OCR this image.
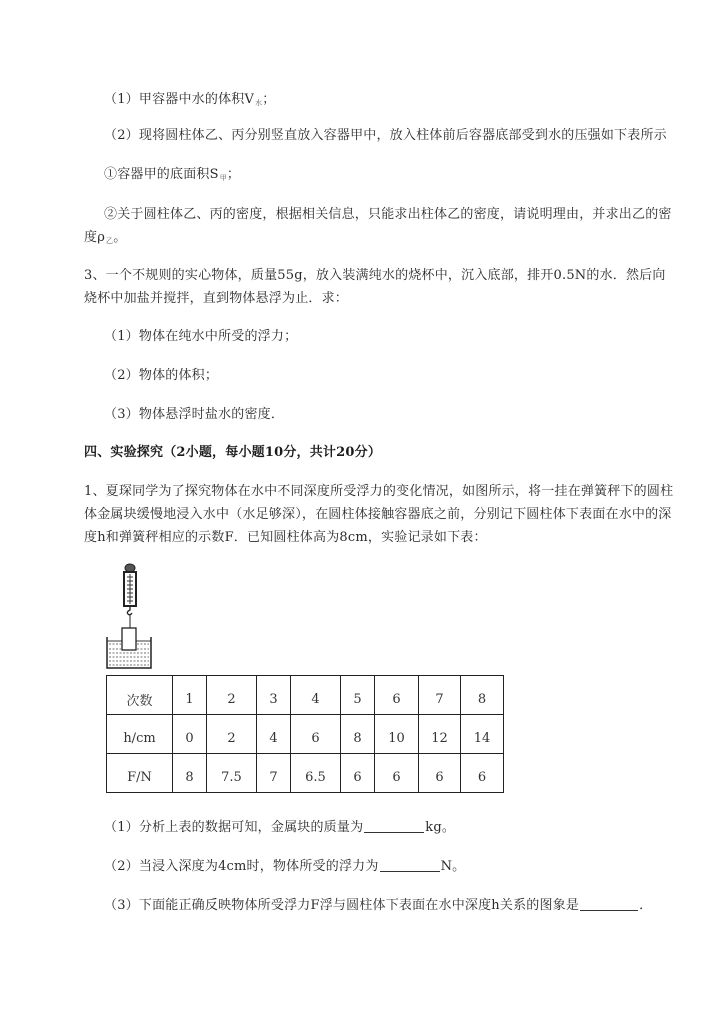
（1）甲容器中水的体积$V_水$；
（2）现将圆柱体乙、丙分别竖直放入容器甲中，放入柱体前后容器底部受到水的压强如下表所示
①容器甲的底面积$S_甲$；
②关于圆柱体乙、丙的密度，根据相关信息，只能求出柱体乙的密度，请说明理由，并求出乙的密
度$\rho_乙$。
3、一个不规则的实心物体，质量55g，放入装满纯水的烧杯中，沉入底部，排开0.5N的水．然后向
烧杯中加盐并搅拌，直到物体悬浮为止．求：
（1）物体在纯水中所受的浮力；
（2）物体的体积；
（3）物体悬浮时盐水的密度．
四、实验探究（2小题，每小题10分，共计20分）
1、夏琛同学为了探究物体在水中不同深度所受浮力的变化情况，如图所示，将一挂在弹簧秤下的圆柱
体金属块缓慢地浸入水中（水足够深），在圆柱体接触容器底之前，分别记下圆柱体下表面在水中的深
度h和弹簧秤相应的示数F．已知圆柱体高为8cm，实验记录如下表：
次数	1	2	3	4	5	6	7	8
h/cm	0	2	4	6	8	10	12	14
F/N	8	7.5	7	6.5	6	6	6	6
（1）分析上表的数据可知，金属块的质量为	kg。
（2）当浸入深度为4cm时，物体所受的浮力为	N。
（3）下面能正确反映物体所受浮力F浮与圆柱体下表面在水中深度h关系的图象是	．
